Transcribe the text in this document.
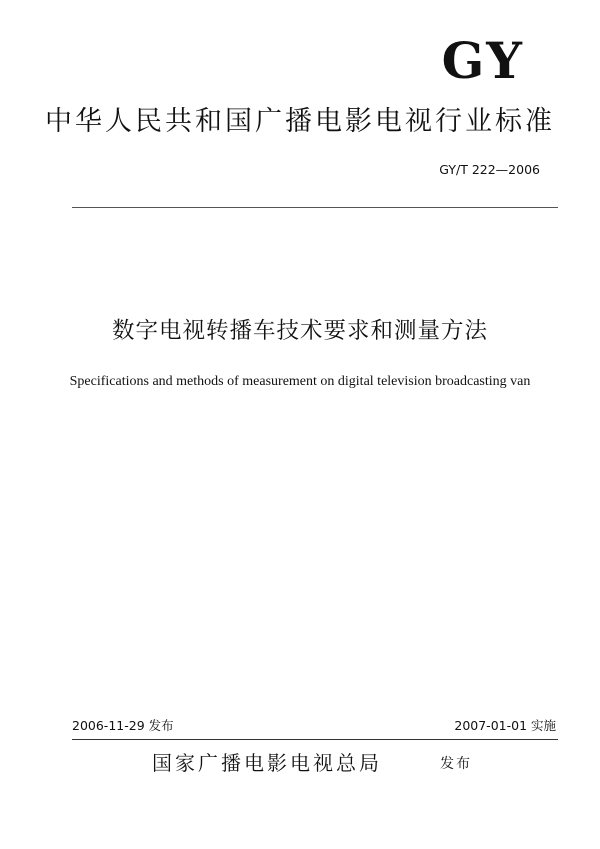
GY
中华人民共和国广播电影电视行业标准
GY/T 222—2006
数字电视转播车技术要求和测量方法
Specifications and methods of measurement on digital television broadcasting van
2006-11-29 发布	2007-01-01 实施
国家广播电影电视总局	发布
